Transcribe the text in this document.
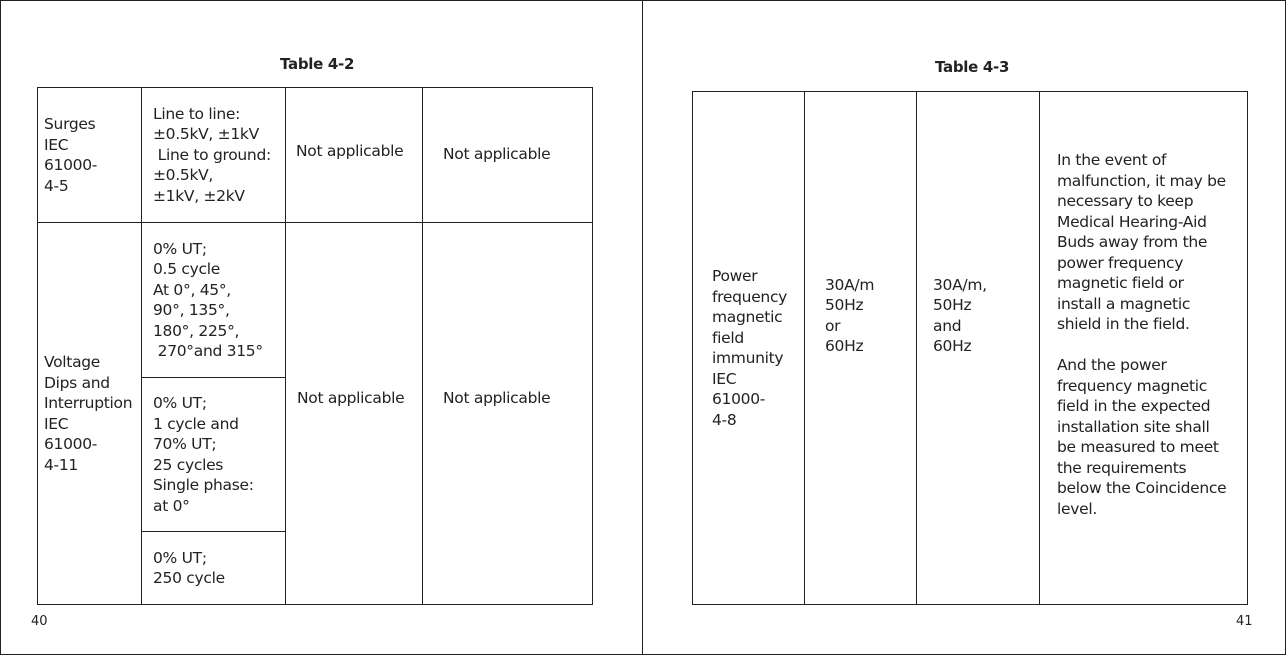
Table 4-2
40
Surges
IEC
61000-
4-5
Line to line:
±0.5kV, ±1kV
Line to ground:
±0.5kV,
±1kV, ±2kV
Not applicable	Not applicable
Voltage
Dips and
Interruption
IEC
61000-
4-11
0% UT;
0.5 cycle
At 0°, 45°,
90°, 135°,
180°, 225°,
270°and 315°
0% UT;
1 cycle and
70% UT;
25 cycles
Single phase:
at 0°
0% UT;
250 cycle
Not applicable	Not applicable
Table 4-3
41
Power
frequency
magnetic
field
immunity
IEC
61000-
4-8
30A/m
50Hz
or
60Hz
30A/m,
50Hz
and
60Hz
In the event of
malfunction, it may be
necessary to keep
Medical Hearing-Aid
Buds away from the
power frequency
magnetic field or
install a magnetic
shield in the field.

And the power
frequency magnetic
field in the expected
installation site shall
be measured to meet
the requirements
below the Coincidence
level.
